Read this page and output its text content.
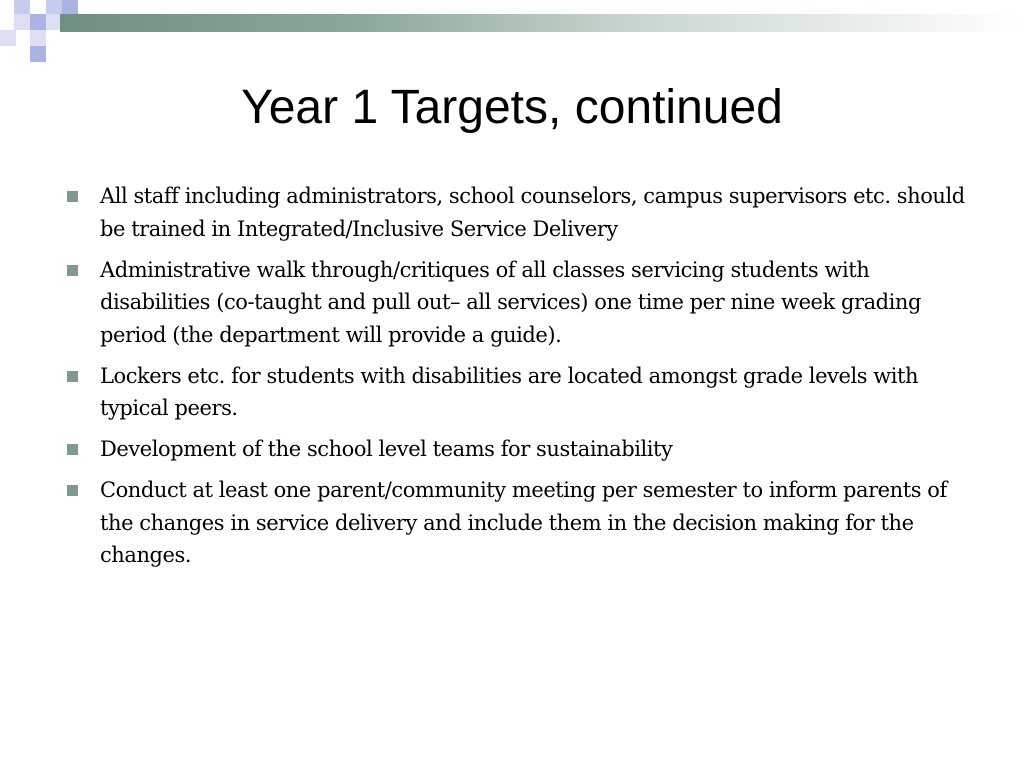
Year 1 Targets, continued
All staff including administrators, school counselors, campus supervisors etc. should be trained in Integrated/Inclusive Service Delivery
Administrative walk through/critiques of all classes servicing students with disabilities (co-taught and pull out– all services) one time per nine week grading period (the department will provide a guide).
Lockers etc. for students with disabilities are located amongst grade levels with typical peers.
Development of the school level teams for sustainability
Conduct at least one parent/community meeting per semester to inform parents of the changes in service delivery and include them in the decision making for the changes.
